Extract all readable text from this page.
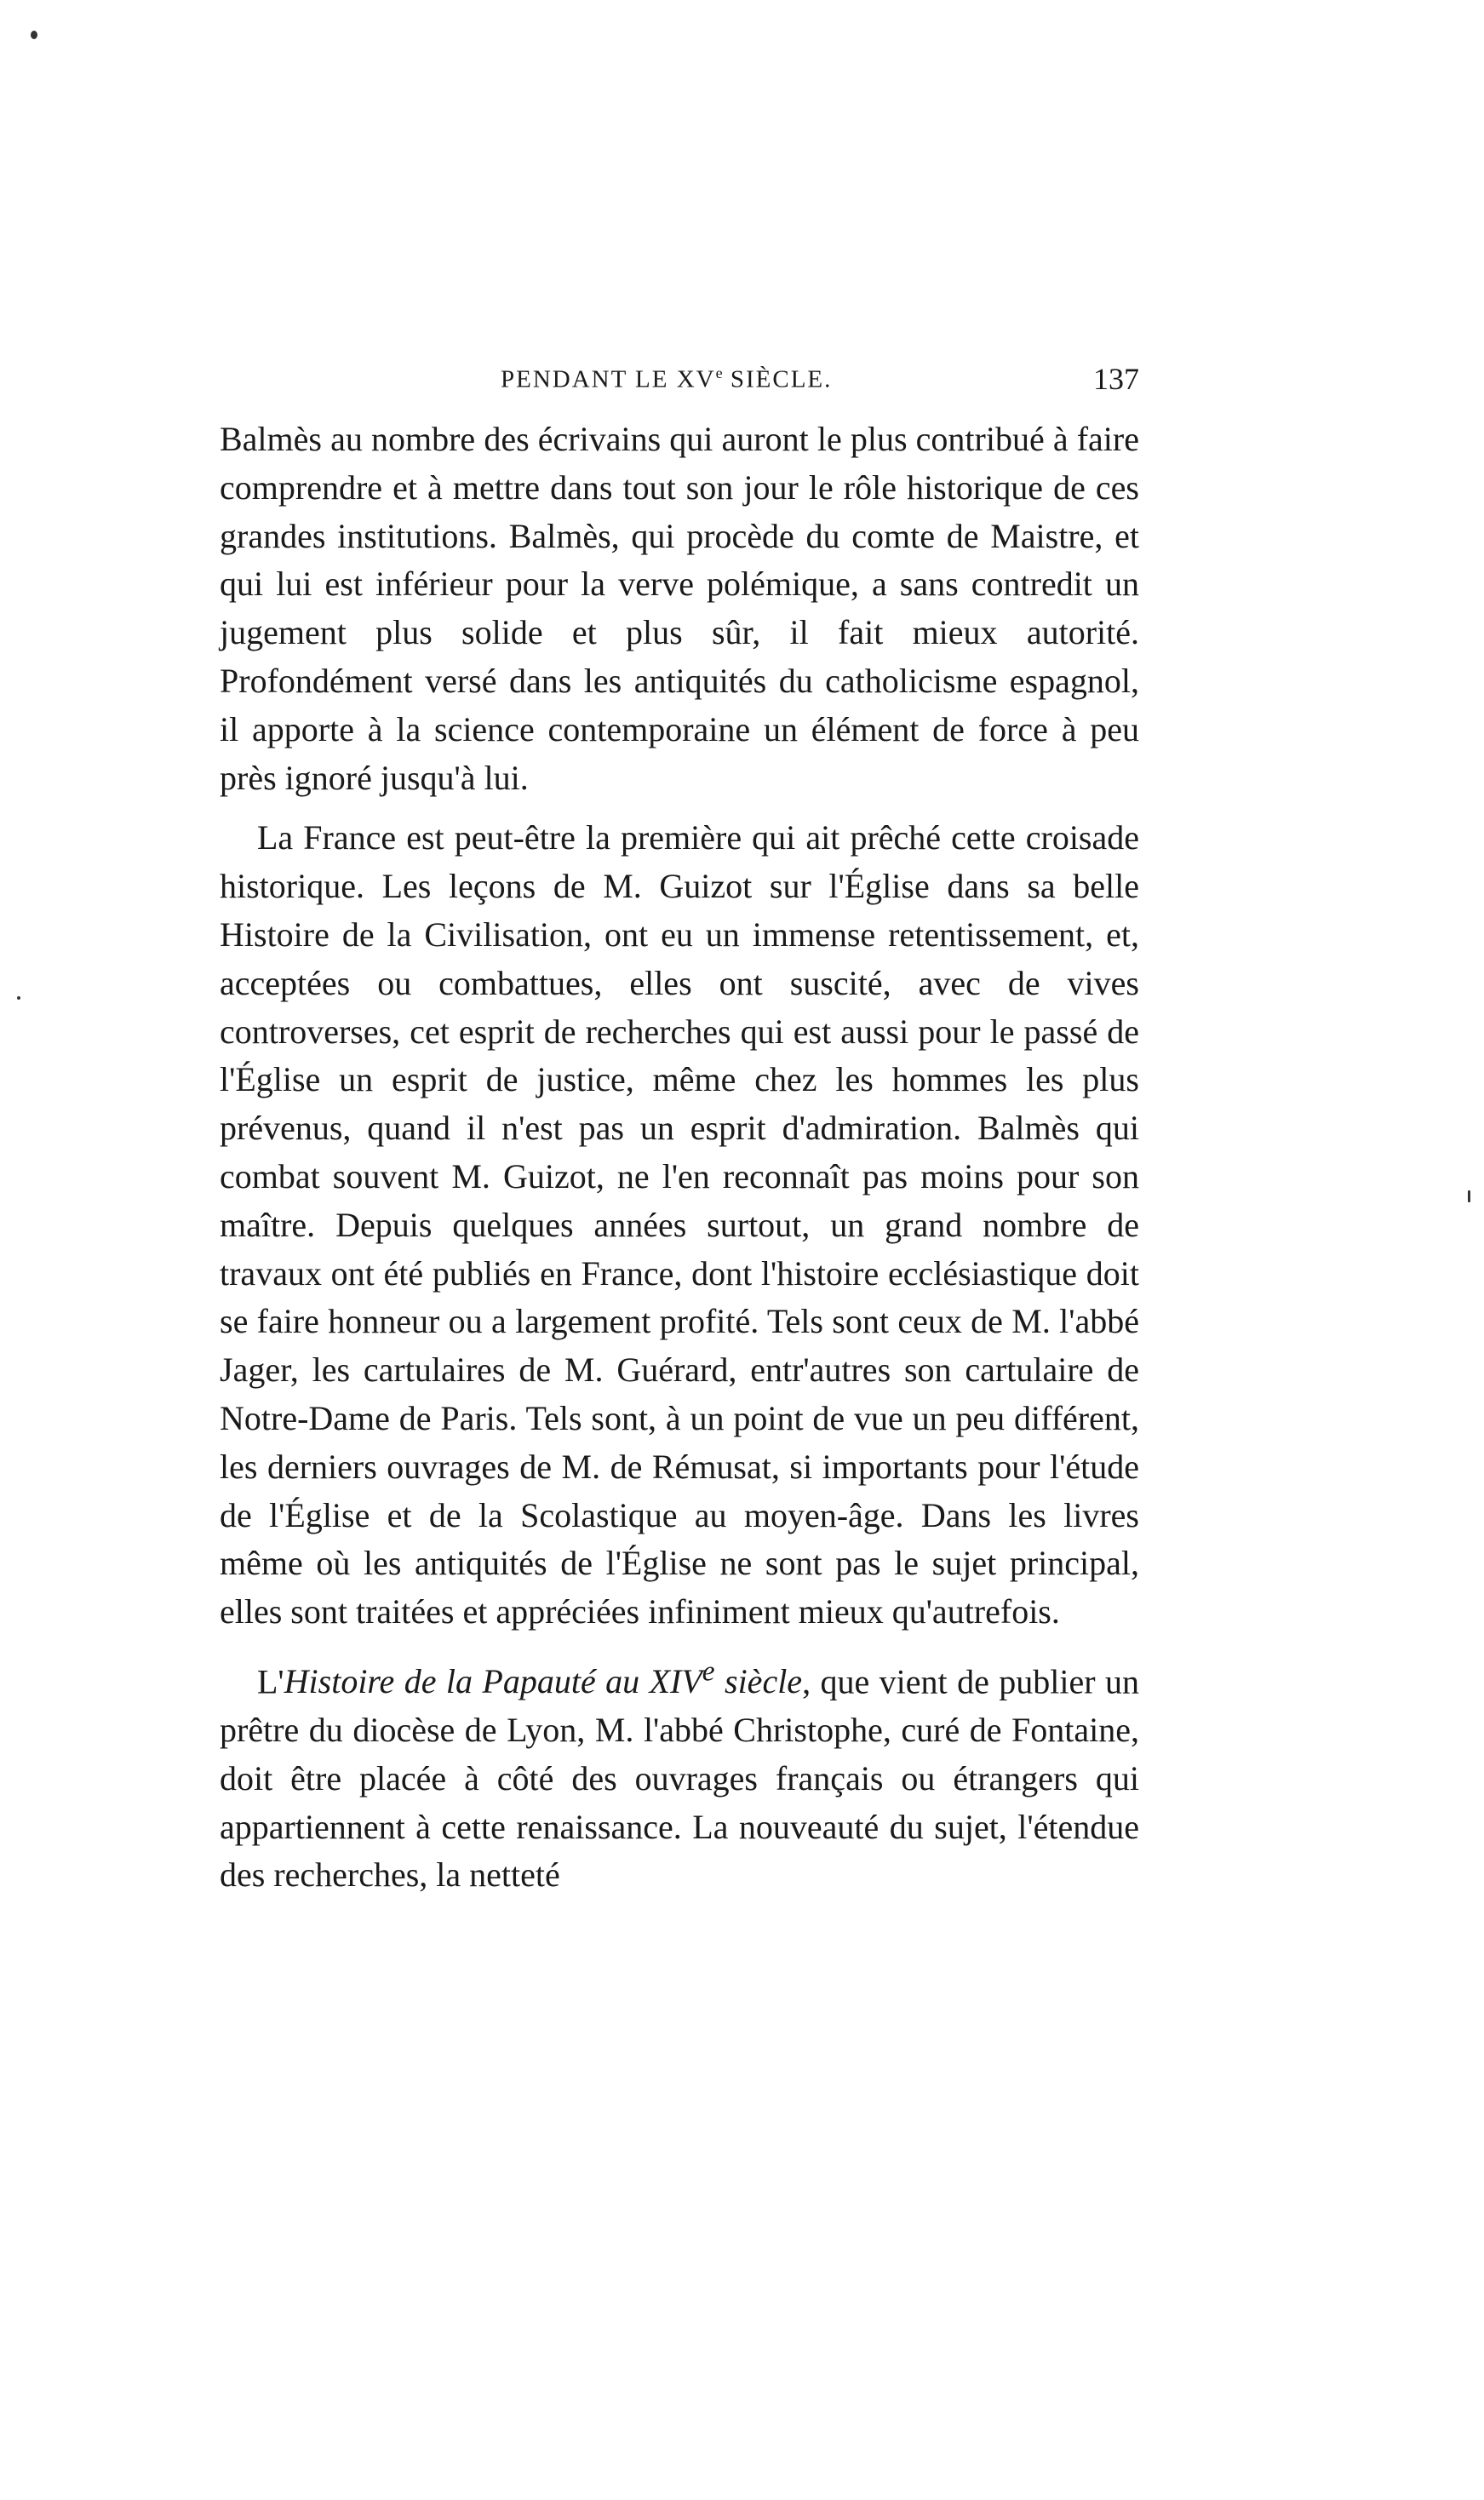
PENDANT LE XVe SIÈCLE.	137

Balmès au nombre des écrivains qui auront le plus contribué à faire comprendre et à mettre dans tout son jour le rôle historique de ces grandes institutions. Balmès, qui procède du comte de Maistre, et qui lui est inférieur pour la verve polémique, a sans contredit un jugement plus solide et plus sûr, il fait mieux autorité. Profondément versé dans les antiquités du catholicisme espagnol, il apporte à la science contemporaine un élément de force à peu près ignoré jusqu'à lui.

La France est peut-être la première qui ait prêché cette croisade historique. Les leçons de M. Guizot sur l'Église dans sa belle Histoire de la Civilisation, ont eu un immense retentissement, et, acceptées ou combattues, elles ont suscité, avec de vives controverses, cet esprit de recherches qui est aussi pour le passé de l'Église un esprit de justice, même chez les hommes les plus prévenus, quand il n'est pas un esprit d'admiration. Balmès qui combat souvent M. Guizot, ne l'en reconnaît pas moins pour son maître. Depuis quelques années surtout, un grand nombre de travaux ont été publiés en France, dont l'histoire ecclésiastique doit se faire honneur ou a largement profité. Tels sont ceux de M. l'abbé Jager, les cartulaires de M. Guérard, entr'autres son cartulaire de Notre-Dame de Paris. Tels sont, à un point de vue un peu différent, les derniers ouvrages de M. de Rémusat, si importants pour l'étude de l'Église et de la Scolastique au moyen-âge. Dans les livres même où les antiquités de l'Église ne sont pas le sujet principal, elles sont traitées et appréciées infiniment mieux qu'autrefois.

L'Histoire de la Papauté au XIVe siècle, que vient de publier un prêtre du diocèse de Lyon, M. l'abbé Christophe, curé de Fontaine, doit être placée à côté des ouvrages français ou étrangers qui appartiennent à cette renaissance. La nouveauté du sujet, l'étendue des recherches, la netteté
